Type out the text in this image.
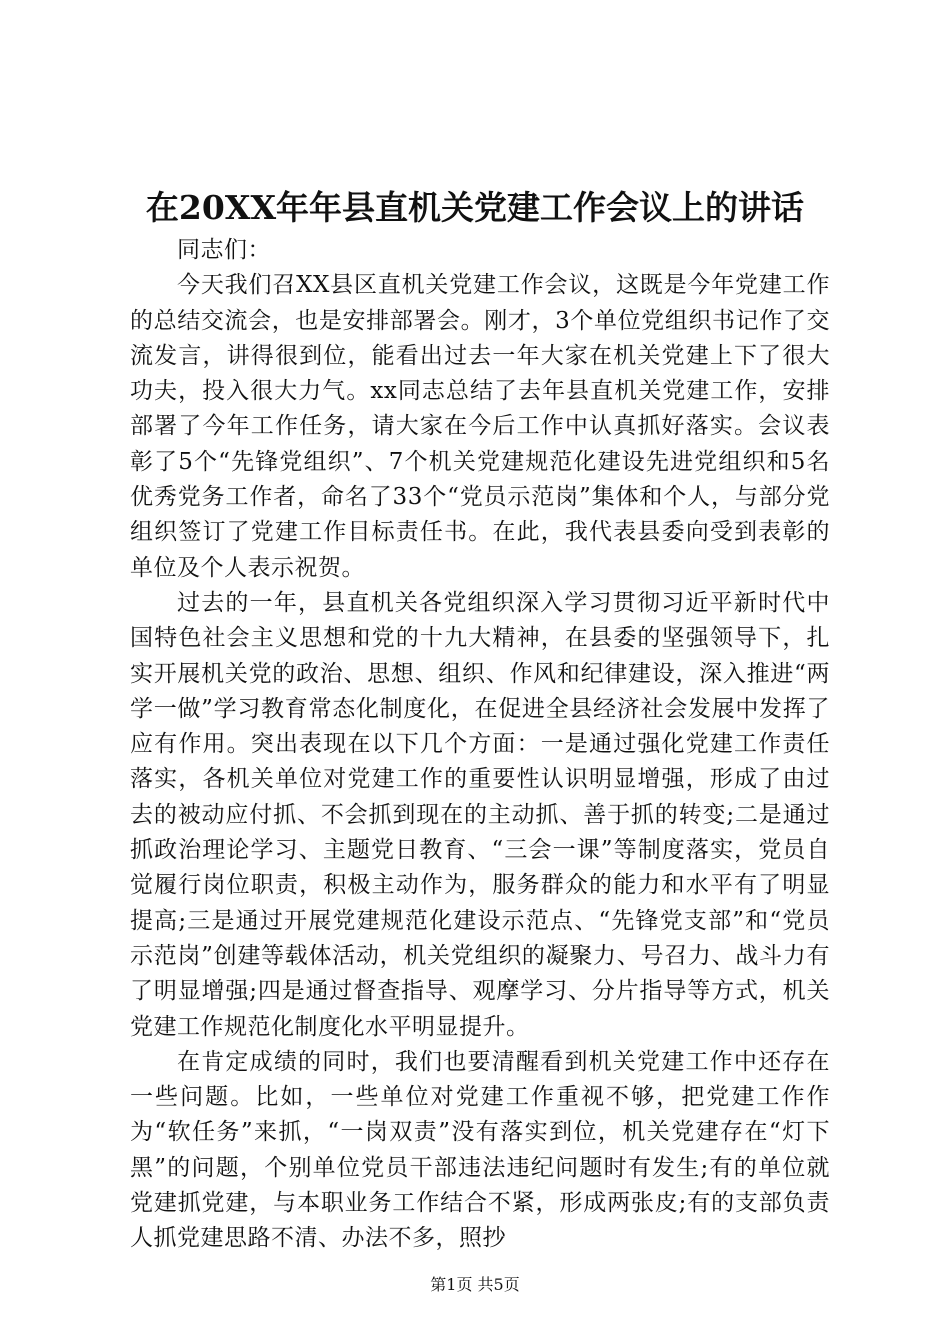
在20XX年年县直机关党建工作会议上的讲话

同志们：

今天我们召XX县区直机关党建工作会议，这既是今年党建工作的总结交流会，也是安排部署会。刚才，3个单位党组织书记作了交流发言，讲得很到位，能看出过去一年大家在机关党建上下了很大功夫，投入很大力气。xx同志总结了去年县直机关党建工作，安排部署了今年工作任务，请大家在今后工作中认真抓好落实。会议表彰了5个“先锋党组织”、7个机关党建规范化建设先进党组织和5名优秀党务工作者，命名了33个“党员示范岗”集体和个人，与部分党组织签订了党建工作目标责任书。在此，我代表县委向受到表彰的单位及个人表示祝贺。

过去的一年，县直机关各党组织深入学习贯彻习近平新时代中国特色社会主义思想和党的十九大精神，在县委的坚强领导下，扎实开展机关党的政治、思想、组织、作风和纪律建设，深入推进“两学一做”学习教育常态化制度化，在促进全县经济社会发展中发挥了应有作用。突出表现在以下几个方面：一是通过强化党建工作责任落实，各机关单位对党建工作的重要性认识明显增强，形成了由过去的被动应付抓、不会抓到现在的主动抓、善于抓的转变;二是通过抓政治理论学习、主题党日教育、“三会一课”等制度落实，党员自觉履行岗位职责，积极主动作为，服务群众的能力和水平有了明显提高;三是通过开展党建规范化建设示范点、“先锋党支部”和“党员示范岗”创建等载体活动，机关党组织的凝聚力、号召力、战斗力有了明显增强;四是通过督查指导、观摩学习、分片指导等方式，机关党建工作规范化制度化水平明显提升。

在肯定成绩的同时，我们也要清醒看到机关党建工作中还存在一些问题。比如，一些单位对党建工作重视不够，把党建工作作为“软任务”来抓，“一岗双责”没有落实到位，机关党建存在“灯下黑”的问题，个别单位党员干部违法违纪问题时有发生;有的单位就党建抓党建，与本职业务工作结合不紧，形成两张皮;有的支部负责人抓党建思路不清、办法不多，照抄

第1页 共5页
